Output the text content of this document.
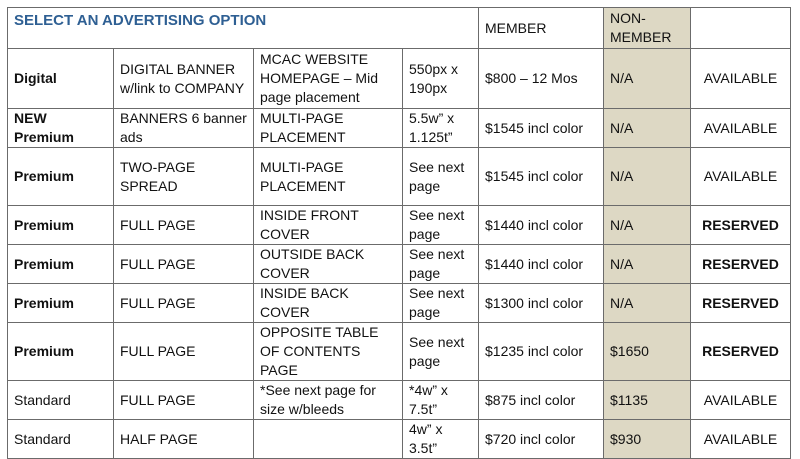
SELECT AN ADVERTISING OPTION				MEMBER	NON-MEMBER	
Digital	DIGITAL BANNER w/link to COMPANY	MCAC WEBSITE HOMEPAGE – Mid page placement	550px x 190px	$800 – 12 Mos	N/A	AVAILABLE
NEW Premium	BANNERS 6 banner ads	MULTI-PAGE PLACEMENT	5.5w” x 1.125t”	$1545 incl color	N/A	AVAILABLE
Premium	TWO-PAGE SPREAD	MULTI-PAGE PLACEMENT	See next page	$1545 incl color	N/A	AVAILABLE
Premium	FULL PAGE	INSIDE FRONT COVER	See next page	$1440 incl color	N/A	RESERVED
Premium	FULL PAGE	OUTSIDE BACK COVER	See next page	$1440 incl color	N/A	RESERVED
Premium	FULL PAGE	INSIDE BACK COVER	See next page	$1300 incl color	N/A	RESERVED
Premium	FULL PAGE	OPPOSITE TABLE OF CONTENTS PAGE	See next page	$1235 incl color	$1650	RESERVED
Standard	FULL PAGE	*See next page for size w/bleeds	*4w” x 7.5t”	$875 incl color	$1135	AVAILABLE
Standard	HALF PAGE		4w” x 3.5t”	$720 incl color	$930	AVAILABLE
